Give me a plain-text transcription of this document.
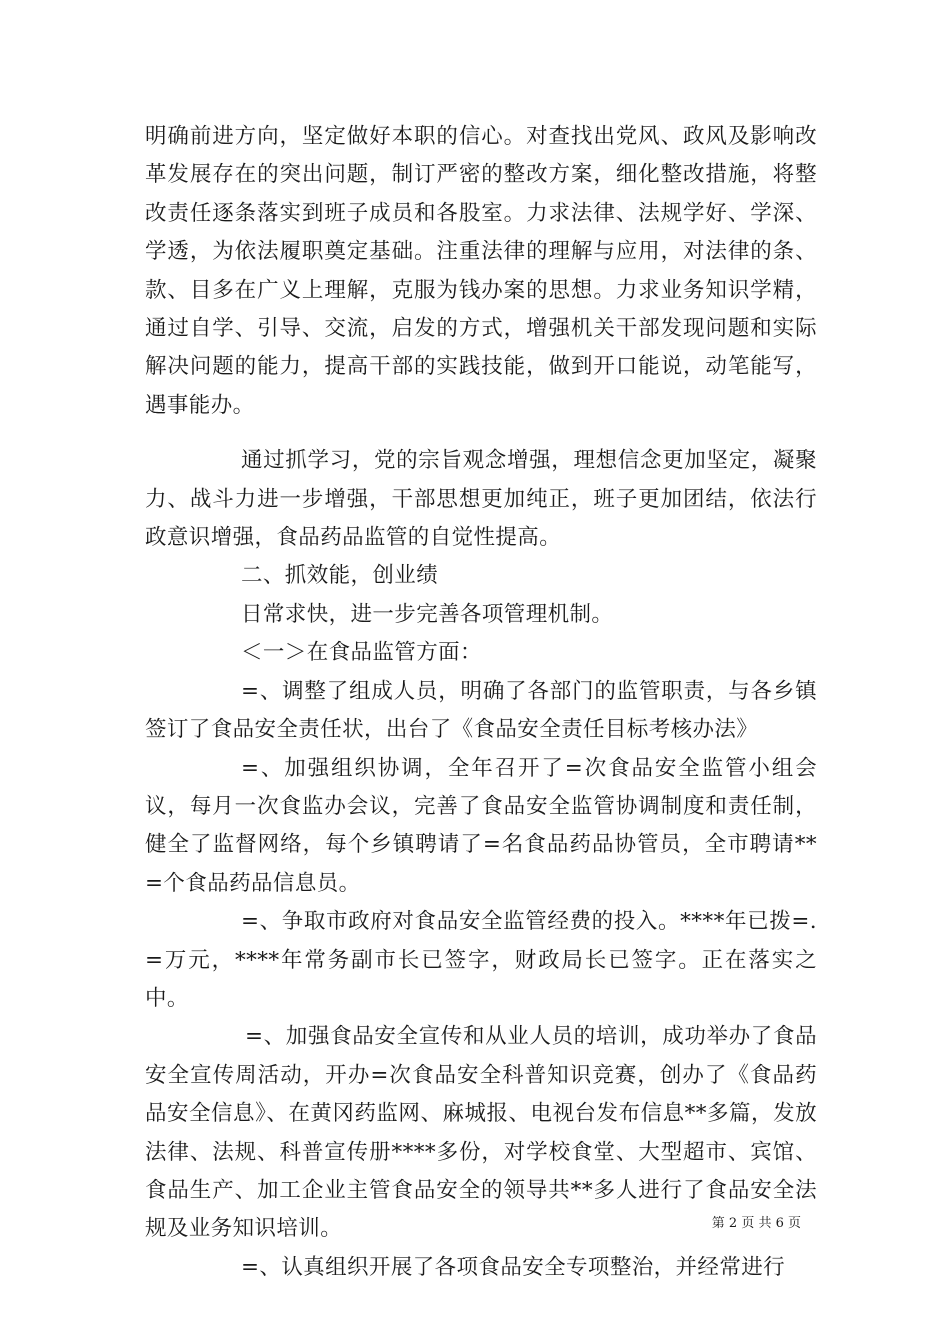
明确前进方向，坚定做好本职的信心。对查找出党风、政风及影响改革发展存在的突出问题，制订严密的整改方案，细化整改措施，将整改责任逐条落实到班子成员和各股室。力求法律、法规学好、学深、学透，为依法履职奠定基础。注重法律的理解与应用，对法律的条、款、目多在广义上理解，克服为钱办案的思想。力求业务知识学精，通过自学、引导、交流，启发的方式，增强机关干部发现问题和实际解决问题的能力，提高干部的实践技能，做到开口能说，动笔能写，遇事能办。

通过抓学习，党的宗旨观念增强，理想信念更加坚定，凝聚力、战斗力进一步增强，干部思想更加纯正，班子更加团结，依法行政意识增强，食品药品监管的自觉性提高。

二、抓效能，创业绩

日常求快，进一步完善各项管理机制。

＜一＞在食品监管方面：

=、调整了组成人员，明确了各部门的监管职责，与各乡镇签订了食品安全责任状，出台了《食品安全责任目标考核办法》

=、加强组织协调，全年召开了=次食品安全监管小组会议，每月一次食监办会议，完善了食品安全监管协调制度和责任制，健全了监督网络，每个乡镇聘请了=名食品药品协管员，全市聘请**=个食品药品信息员。

=、争取市政府对食品安全监管经费的投入。****年已拨=.=万元，****年常务副市长已签字，财政局长已签字。正在落实之中。

=、加强食品安全宣传和从业人员的培训，成功举办了食品安全宣传周活动，开办=次食品安全科普知识竞赛，创办了《食品药品安全信息》、在黄冈药监网、麻城报、电视台发布信息**多篇，发放法律、法规、科普宣传册****多份，对学校食堂、大型超市、宾馆、食品生产、加工企业主管食品安全的领导共**多人进行了食品安全法规及业务知识培训。

=、认真组织开展了各项食品安全专项整治，并经常进行

第 2 页 共 6 页
